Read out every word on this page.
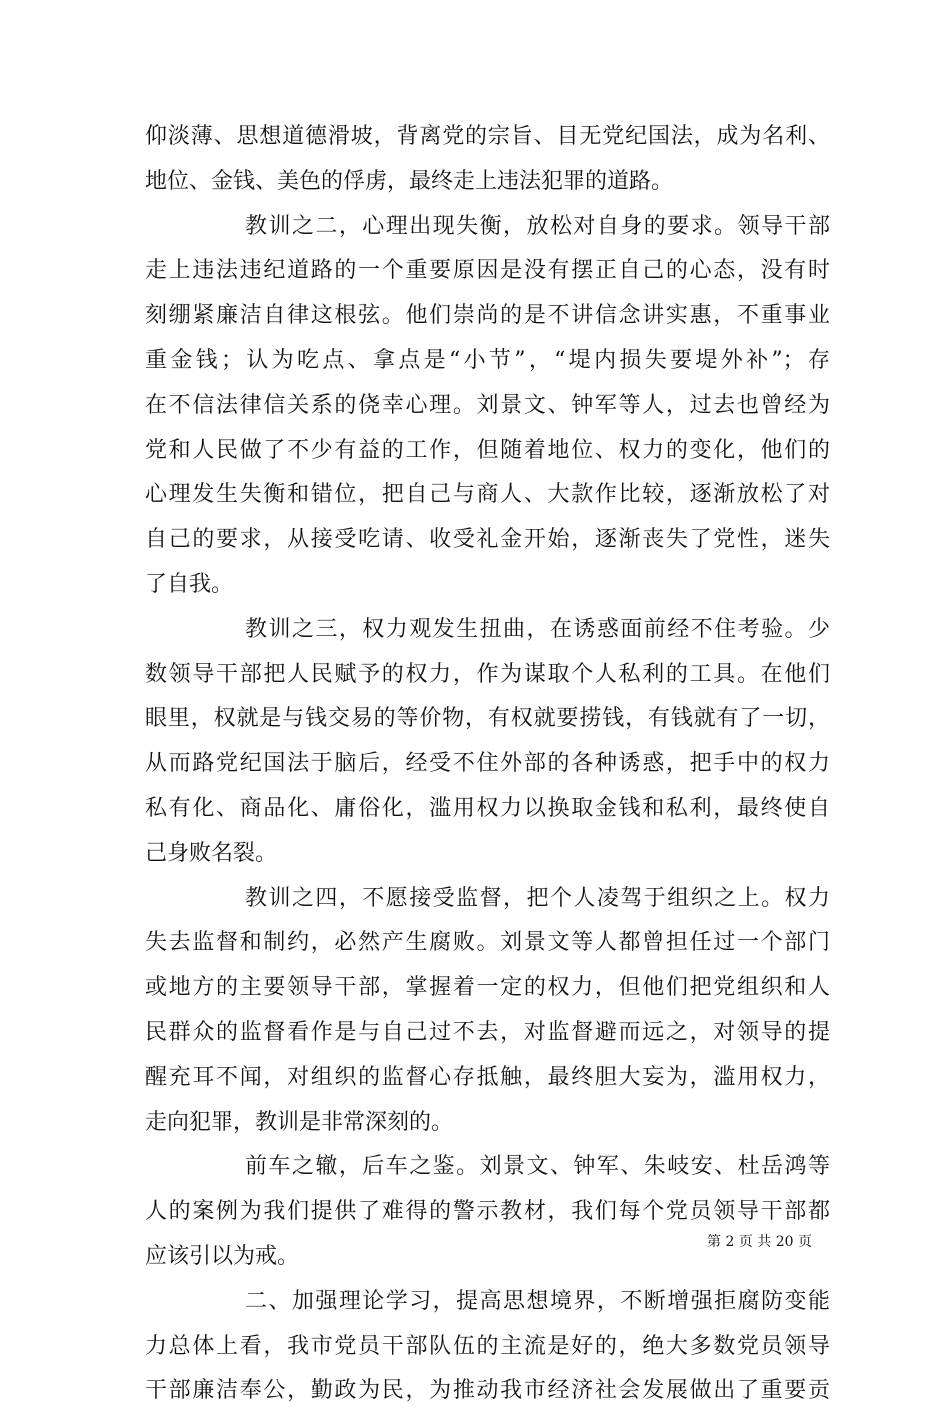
仰淡薄、思想道德滑坡，背离党的宗旨、目无党纪国法，成为名利、
地位、金钱、美色的俘虏，最终走上违法犯罪的道路。
教训之二，心理出现失衡，放松对自身的要求。领导干部
走上违法违纪道路的一个重要原因是没有摆正自己的心态，没有时
刻绷紧廉洁自律这根弦。他们崇尚的是不讲信念讲实惠，不重事业
重金钱；认为吃点、拿点是“小节”，“堤内损失要堤外补”；存
在不信法律信关系的侥幸心理。刘景文、钟军等人，过去也曾经为
党和人民做了不少有益的工作，但随着地位、权力的变化，他们的
心理发生失衡和错位，把自己与商人、大款作比较，逐渐放松了对
自己的要求，从接受吃请、收受礼金开始，逐渐丧失了党性，迷失
了自我。
教训之三，权力观发生扭曲，在诱惑面前经不住考验。少
数领导干部把人民赋予的权力，作为谋取个人私利的工具。在他们
眼里，权就是与钱交易的等价物，有权就要捞钱，有钱就有了一切，
从而路党纪国法于脑后，经受不住外部的各种诱惑，把手中的权力
私有化、商品化、庸俗化，滥用权力以换取金钱和私利，最终使自
己身败名裂。
教训之四，不愿接受监督，把个人凌驾于组织之上。权力
失去监督和制约，必然产生腐败。刘景文等人都曾担任过一个部门
或地方的主要领导干部，掌握着一定的权力，但他们把党组织和人
民群众的监督看作是与自己过不去，对监督避而远之，对领导的提
醒充耳不闻，对组织的监督心存抵触，最终胆大妄为，滥用权力，
走向犯罪，教训是非常深刻的。
前车之辙，后车之鉴。刘景文、钟军、朱岐安、杜岳鸿等
人的案例为我们提供了难得的警示教材，我们每个党员领导干部都
应该引以为戒。
二、加强理论学习，提高思想境界，不断增强拒腐防变能
力总体上看，我市党员干部队伍的主流是好的，绝大多数党员领导
干部廉洁奉公，勤政为民，为推动我市经济社会发展做出了重要贡
第 2 页 共 20 页
